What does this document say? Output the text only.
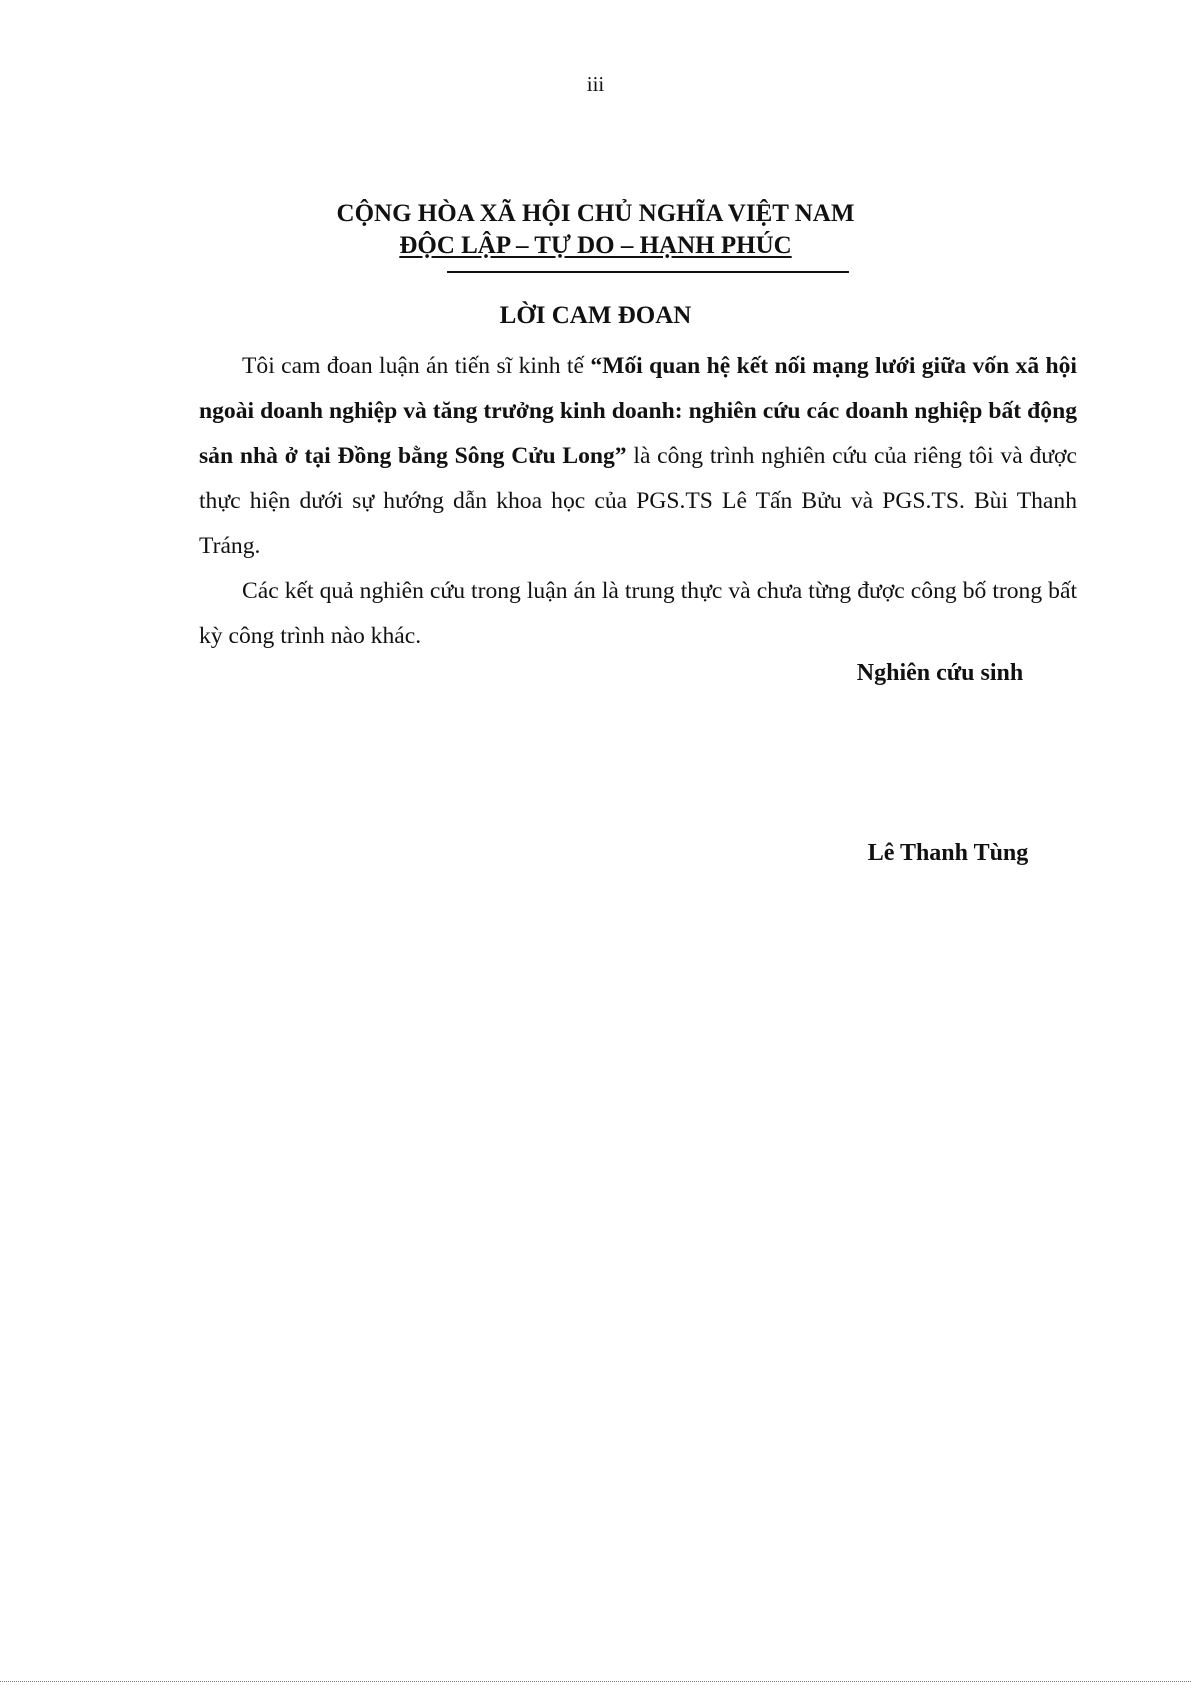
iii
CỘNG HÒA XÃ HỘI CHỦ NGHĨA VIỆT NAM
ĐỘC LẬP – TỰ DO – HẠNH PHÚC
LỜI CAM ĐOAN

Tôi cam đoan luận án tiến sĩ kinh tế “Mối quan hệ kết nối mạng lưới giữa vốn xã hội ngoài doanh nghiệp và tăng trưởng kinh doanh: nghiên cứu các doanh nghiệp bất động sản nhà ở tại Đồng bằng Sông Cửu Long” là công trình nghiên cứu của riêng tôi và được thực hiện dưới sự hướng dẫn khoa học của PGS.TS Lê Tấn Bửu và PGS.TS. Bùi Thanh Tráng.

Các kết quả nghiên cứu trong luận án là trung thực và chưa từng được công bố trong bất kỳ công trình nào khác.

Nghiên cứu sinh
Lê Thanh Tùng
